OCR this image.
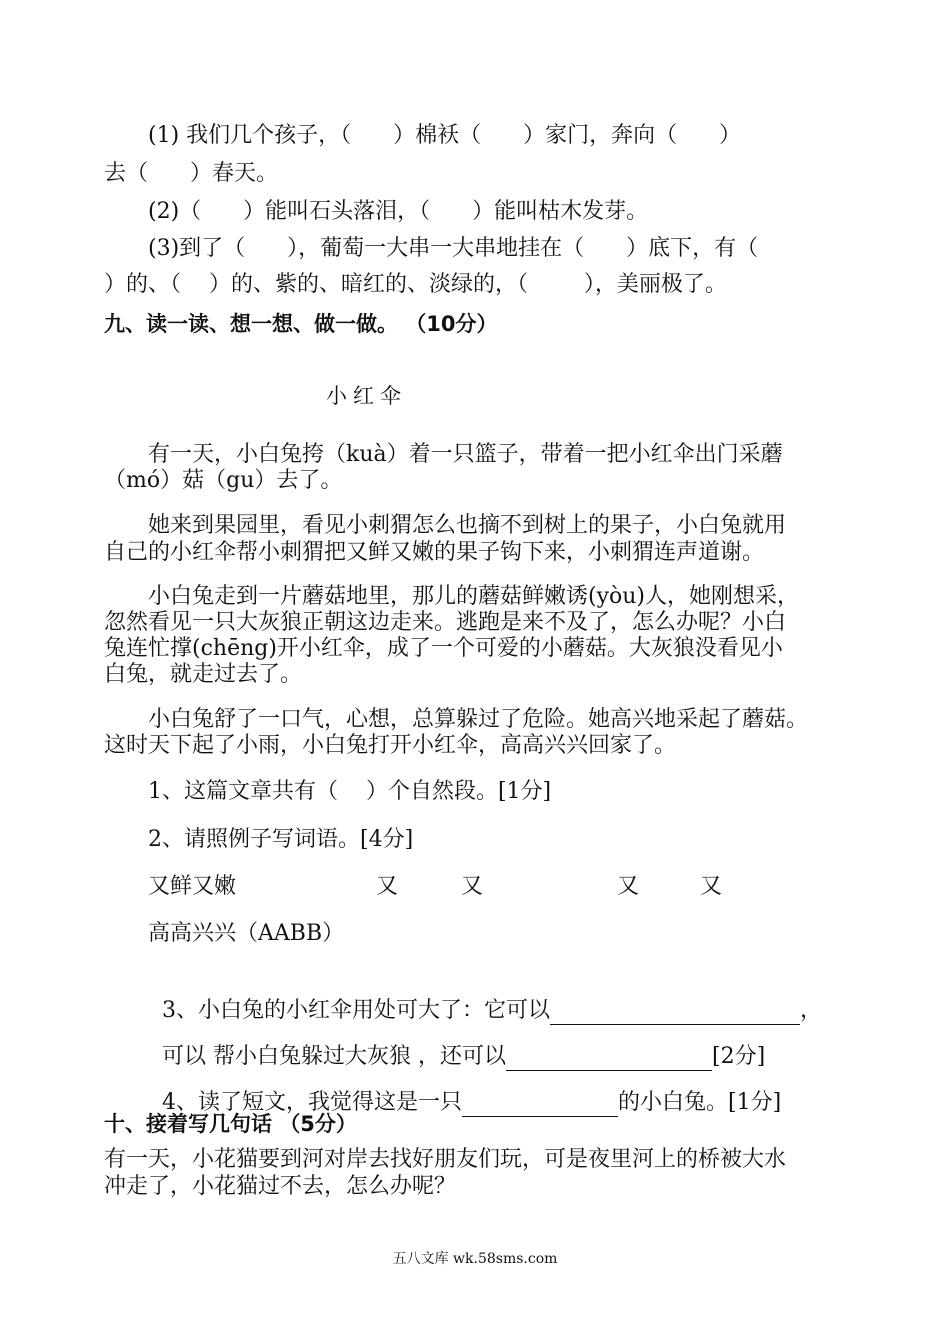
(1) 我们几个孩子，（      ）棉袄（      ）家门，奔向（      ）
去（      ）春天。
(2)（      ）能叫石头落泪，（      ）能叫枯木发芽。
(3)到了（      ），葡萄一大串一大串地挂在（      ）底下，有（
）的、（    ）的、紫的、暗红的、淡绿的，（        ），美丽极了。
九、读一读、想一想、做一做。 （10分）
小红伞
有一天，小白兔挎（kuà）着一只篮子，带着一把小红伞出门采蘑
（mó）菇（gu）去了。
她来到果园里，看见小刺猬怎么也摘不到树上的果子，小白兔就用
自己的小红伞帮小刺猬把又鲜又嫩的果子钩下来，小刺猬连声道谢。
小白兔走到一片蘑菇地里，那儿的蘑菇鲜嫩诱(yòu)人，她刚想采，
忽然看见一只大灰狼正朝这边走来。逃跑是来不及了，怎么办呢？小白
兔连忙撑(chēng)开小红伞，成了一个可爱的小蘑菇。大灰狼没看见小
白兔，就走过去了。
小白兔舒了一口气，心想，总算躲过了危险。她高兴地采起了蘑菇。
这时天下起了小雨，小白兔打开小红伞，高高兴兴回家了。
1、这篇文章共有（    ）个自然段。[1分]
2、请照例子写词语。[4分]
又鲜又嫩	又	又	又	又
高高兴兴（AABB）

3、小白兔的小红伞用处可大了：它可以	，

可以 帮小白兔躲过大灰狼 ，还可以	[2分]

4、读了短文，我觉得这是一只	的小白兔。[1分]

十、接着写几句话 （5分）
有一天，小花猫要到河对岸去找好朋友们玩，可是夜里河上的桥被大水
冲走了，小花猫过不去，怎么办呢？
五八文库 wk.58sms.com
